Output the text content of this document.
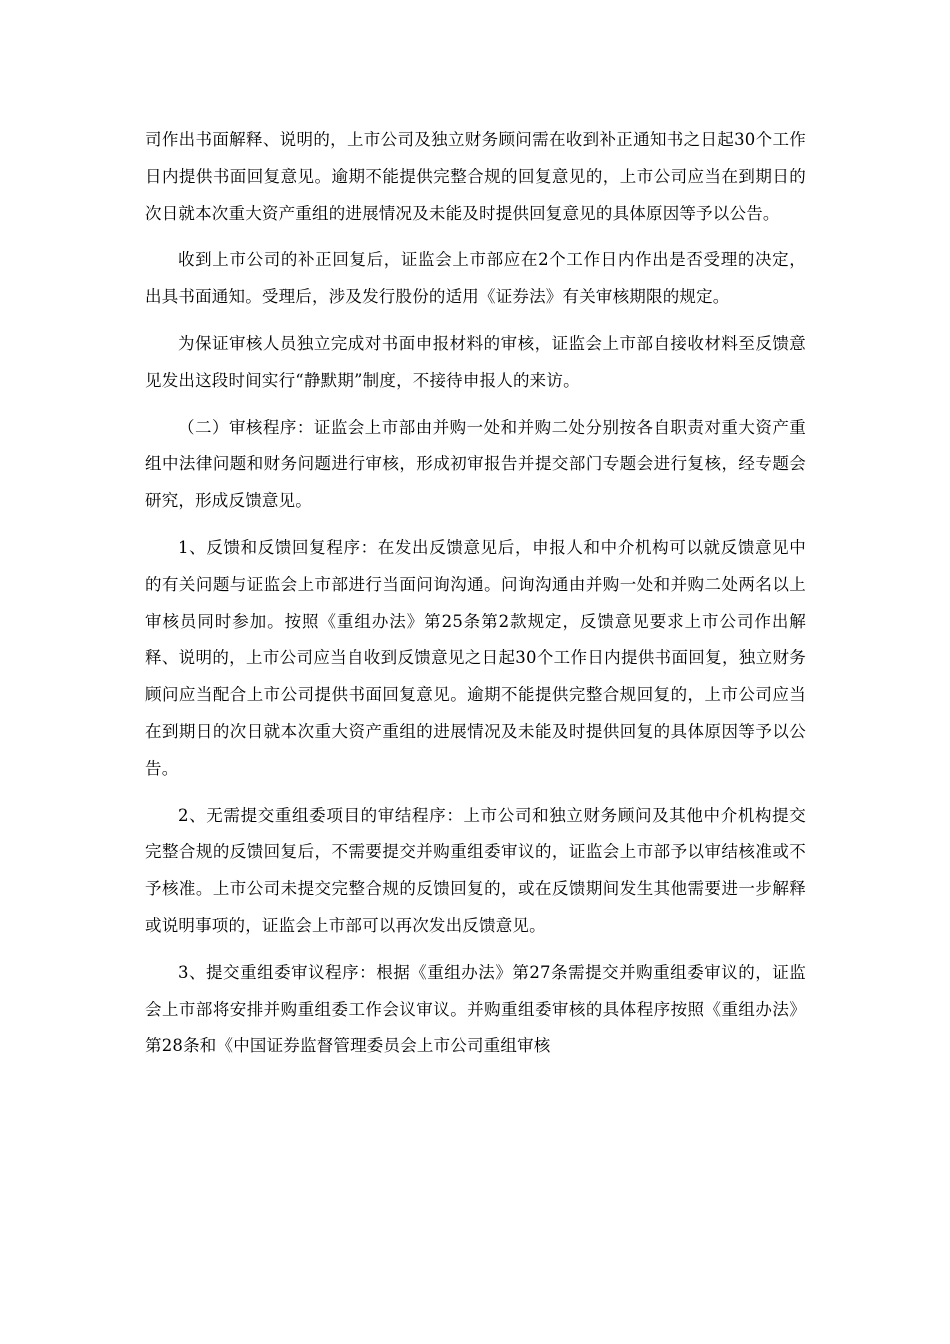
司作出书面解释、说明的，上市公司及独立财务顾问需在收到补正通知书之日起30个工作日内提供书面回复意见。逾期不能提供完整合规的回复意见的，上市公司应当在到期日的次日就本次重大资产重组的进展情况及未能及时提供回复意见的具体原因等予以公告。

收到上市公司的补正回复后，证监会上市部应在2个工作日内作出是否受理的决定，出具书面通知。受理后，涉及发行股份的适用《证券法》有关审核期限的规定。

为保证审核人员独立完成对书面申报材料的审核，证监会上市部自接收材料至反馈意见发出这段时间实行“静默期”制度，不接待申报人的来访。

（二）审核程序：证监会上市部由并购一处和并购二处分别按各自职责对重大资产重组中法律问题和财务问题进行审核，形成初审报告并提交部门专题会进行复核，经专题会研究，形成反馈意见。

1、反馈和反馈回复程序：在发出反馈意见后，申报人和中介机构可以就反馈意见中的有关问题与证监会上市部进行当面问询沟通。问询沟通由并购一处和并购二处两名以上审核员同时参加。按照《重组办法》第25条第2款规定，反馈意见要求上市公司作出解释、说明的，上市公司应当自收到反馈意见之日起30个工作日内提供书面回复，独立财务顾问应当配合上市公司提供书面回复意见。逾期不能提供完整合规回复的，上市公司应当在到期日的次日就本次重大资产重组的进展情况及未能及时提供回复的具体原因等予以公告。

2、无需提交重组委项目的审结程序：上市公司和独立财务顾问及其他中介机构提交完整合规的反馈回复后，不需要提交并购重组委审议的，证监会上市部予以审结核准或不予核准。上市公司未提交完整合规的反馈回复的，或在反馈期间发生其他需要进一步解释或说明事项的，证监会上市部可以再次发出反馈意见。

3、提交重组委审议程序：根据《重组办法》第27条需提交并购重组委审议的，证监会上市部将安排并购重组委工作会议审议。并购重组委审核的具体程序按照《重组办法》第28条和《中国证券监督管理委员会上市公司重组审核
